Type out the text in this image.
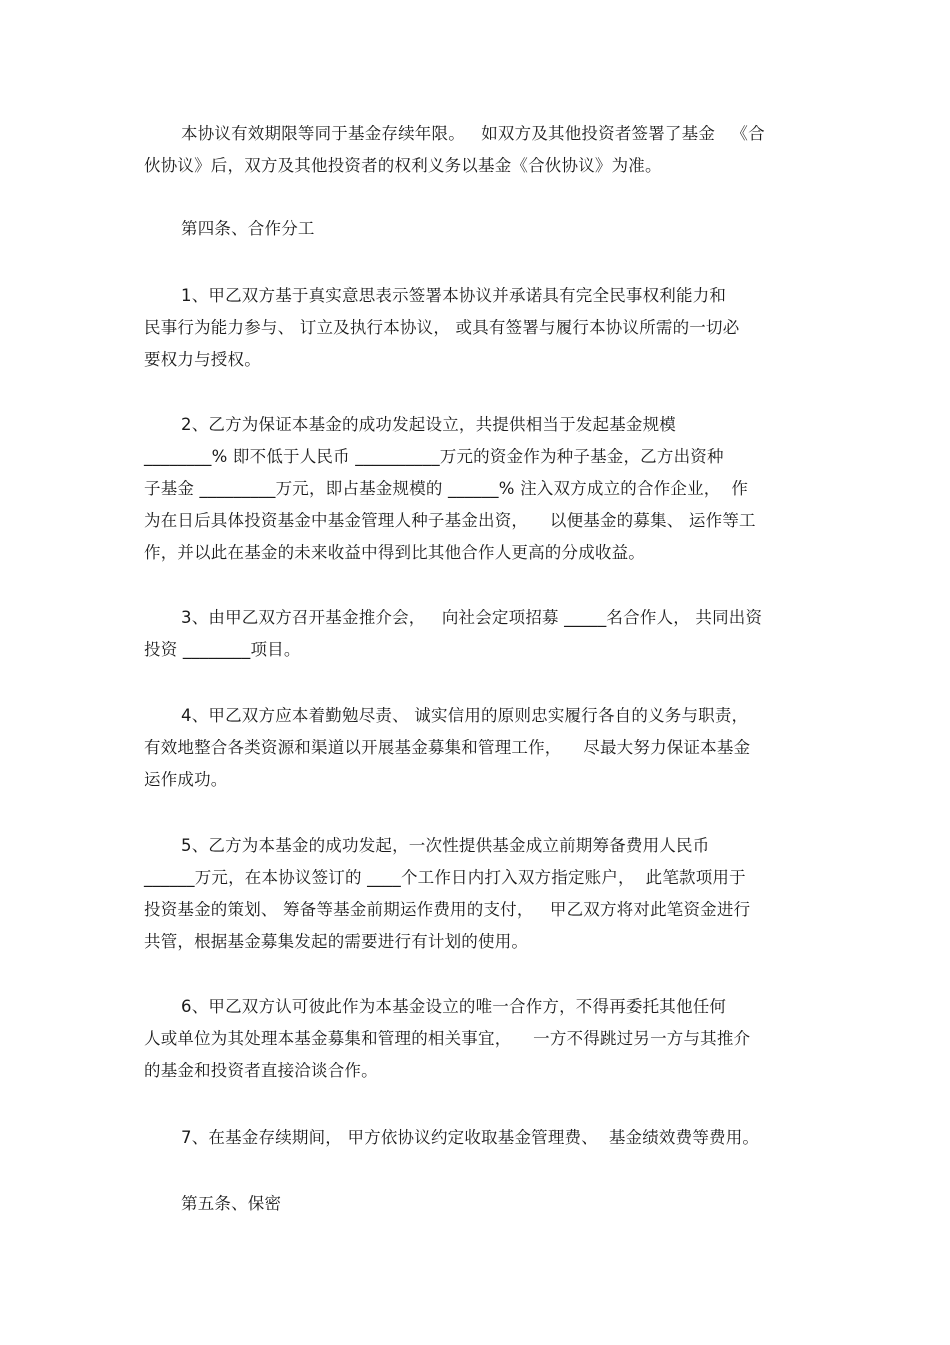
本协议有效期限等同于基金存续年限。   如双方及其他投资者签署了基金   《合
伙协议》后，双方及其他投资者的权利义务以基金《合伙协议》为准。
第四条、合作分工
1、甲乙双方基于真实意思表示签署本协议并承诺具有完全民事权利能力和
民事行为能力参与、 订立及执行本协议， 或具有签署与履行本协议所需的一切必
要权力与授权。
2、乙方为保证本基金的成功发起设立，共提供相当于发起基金规模
________% 即不低于人民币 __________万元的资金作为种子基金，乙方出资种
子基金 _________万元，即占基金规模的 ______% 注入双方成立的合作企业，  作
为在日后具体投资基金中基金管理人种子基金出资，    以便基金的募集、 运作等工
作，并以此在基金的未来收益中得到比其他合作人更高的分成收益。
3、由甲乙双方召开基金推介会，   向社会定项招募 _____名合作人， 共同出资
投资 ________项目。
4、甲乙双方应本着勤勉尽责、 诚实信用的原则忠实履行各自的义务与职责，
有效地整合各类资源和渠道以开展基金募集和管理工作，    尽最大努力保证本基金
运作成功。
5、乙方为本基金的成功发起，一次性提供基金成立前期筹备费用人民币
______万元，在本协议签订的 ____个工作日内打入双方指定账户，  此笔款项用于
投资基金的策划、 筹备等基金前期运作费用的支付，   甲乙双方将对此笔资金进行
共管，根据基金募集发起的需要进行有计划的使用。
6、甲乙双方认可彼此作为本基金设立的唯一合作方，不得再委托其他任何
人或单位为其处理本基金募集和管理的相关事宜，    一方不得跳过另一方与其推介
的基金和投资者直接洽谈合作。
7、在基金存续期间， 甲方依协议约定收取基金管理费、  基金绩效费等费用。
第五条、保密
